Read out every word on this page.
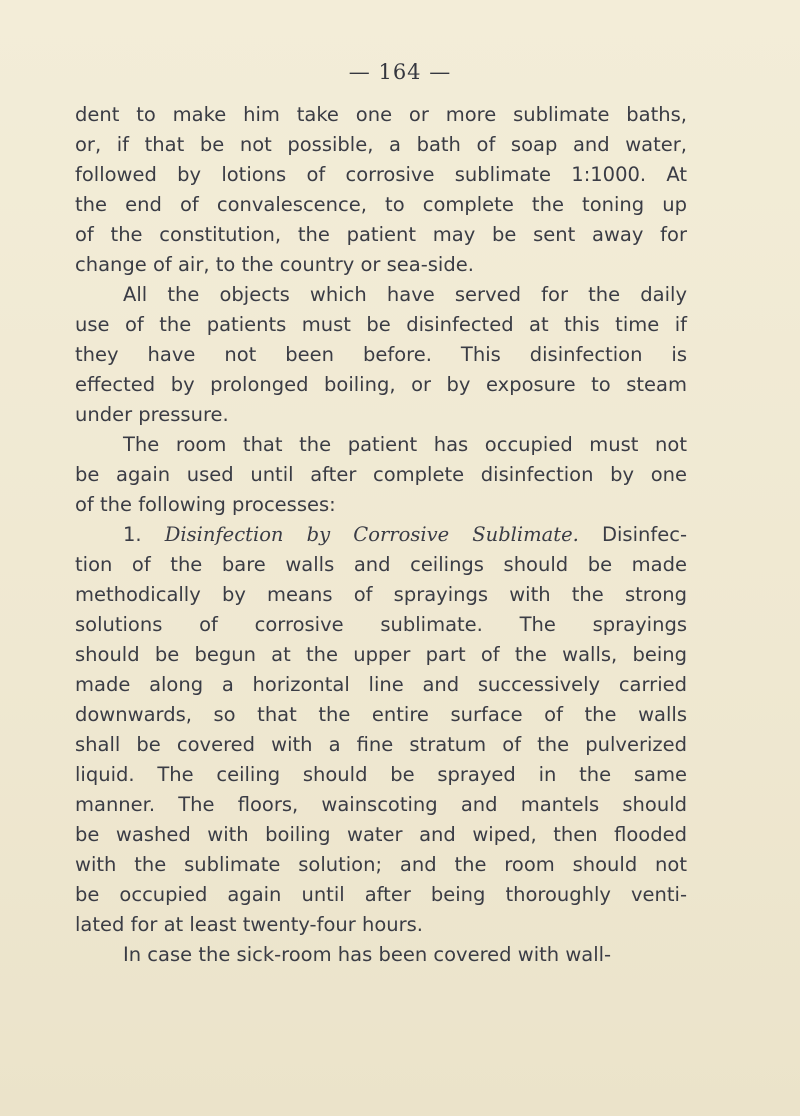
— 164 —
dent to make him take one or more sublimate baths,
or, if that be not possible, a bath of soap and water,
followed by lotions of corrosive sublimate 1:1000. At
the end of convalescence, to complete the toning up
of the constitution, the patient may be sent away for
change of air, to the country or sea-side.
All the objects which have served for the daily
use of the patients must be disinfected at this time if
they have not been before. This disinfection is
effected by prolonged boiling, or by exposure to steam
under pressure.
The room that the patient has occupied must not
be again used until after complete disinfection by one
of the following processes:
1. Disinfection by Corrosive Sublimate. Disinfec-
tion of the bare walls and ceilings should be made
methodically by means of sprayings with the strong
solutions of corrosive sublimate. The sprayings
should be begun at the upper part of the walls, being
made along a horizontal line and successively carried
downwards, so that the entire surface of the walls
shall be covered with a fine stratum of the pulverized
liquid. The ceiling should be sprayed in the same
manner. The floors, wainscoting and mantels should
be washed with boiling water and wiped, then flooded
with the sublimate solution; and the room should not
be occupied again until after being thoroughly venti-
lated for at least twenty-four hours.
In case the sick-room has been covered with wall-
